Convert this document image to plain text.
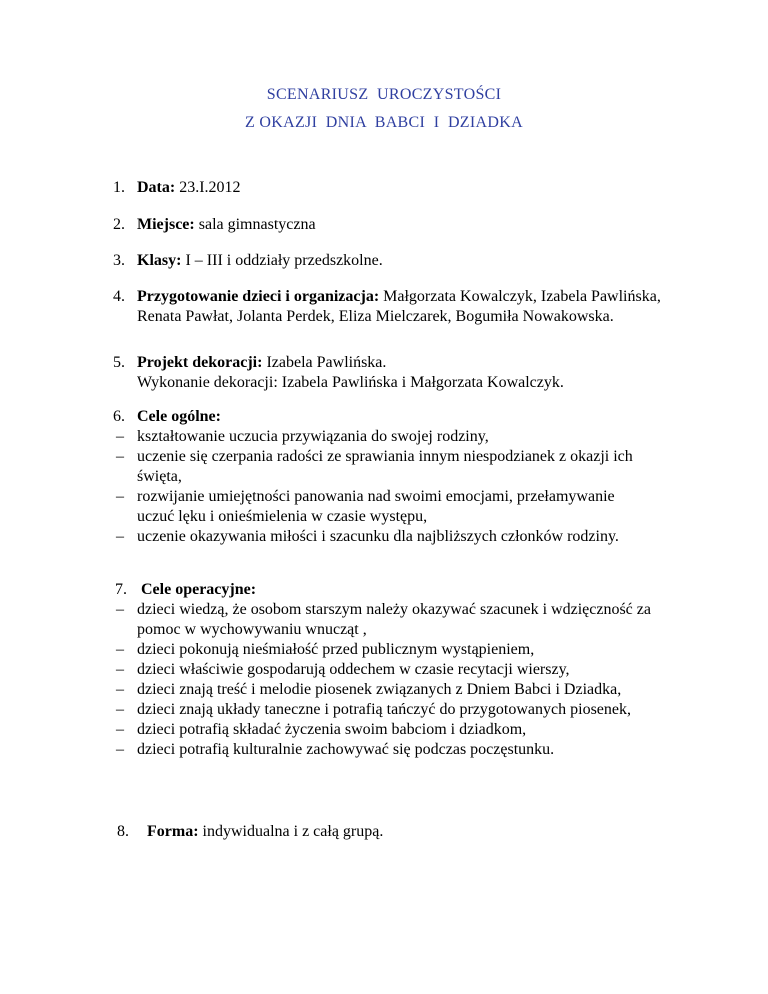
SCENARIUSZ  UROCZYSTOŚCI
Z OKAZJI  DNIA  BABCI  I  DZIADKA
1. Data: 23.I.2012
2. Miejsce: sala gimnastyczna
3. Klasy: I – III i oddziały przedszkolne.
4. Przygotowanie dzieci i organizacja: Małgorzata Kowalczyk, Izabela Pawlińska, Renata Pawłat, Jolanta Perdek, Eliza Mielczarek, Bogumiła Nowakowska.
5. Projekt dekoracji: Izabela Pawlińska.
Wykonanie dekoracji: Izabela Pawlińska i Małgorzata Kowalczyk.
6. Cele ogólne:
– kształtowanie uczucia przywiązania do swojej rodziny,
– uczenie się czerpania radości ze sprawiania innym niespodzianek z okazji ich święta,
– rozwijanie umiejętności panowania nad swoimi emocjami, przełamywanie uczuć lęku i onieśmielenia w czasie występu,
– uczenie okazywania miłości i szacunku dla najbliższych członków rodziny.
7. Cele operacyjne:
– dzieci wiedzą, że osobom starszym należy okazywać szacunek i wdzięczność za pomoc w wychowywaniu wnucząt ,
– dzieci pokonują nieśmiałość przed publicznym wystąpieniem,
– dzieci właściwie gospodarują oddechem w czasie recytacji wierszy,
– dzieci znają treść i melodie piosenek związanych z Dniem Babci i Dziadka,
– dzieci znają układy taneczne i potrafią tańczyć do przygotowanych piosenek,
– dzieci potrafią składać życzenia swoim babciom i dziadkom,
– dzieci potrafią kulturalnie zachowywać się podczas poczęstunku.
8.	Forma: indywidualna i z całą grupą.
